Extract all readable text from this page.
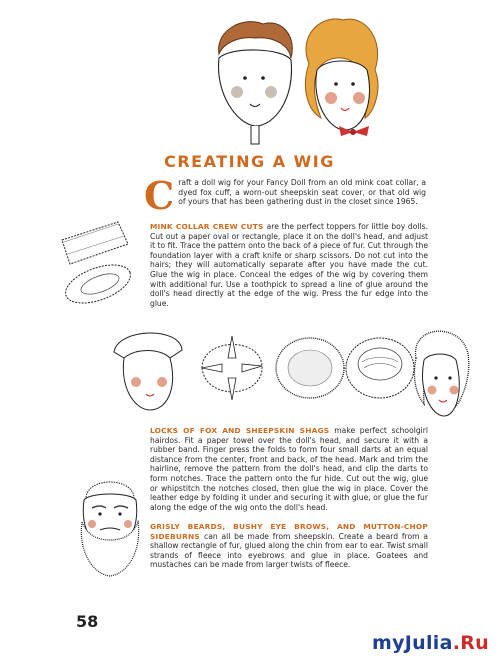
CREATING A WIG

C raft a doll wig for your Fancy Doll from an old mink coat collar, a dyed fox cuff, a worn-out sheepskin seat cover, or that old wig of yours that has been gathering dust in the closet since 1965.

MINK COLLAR CREW CUTS are the perfect toppers for little boy dolls. Cut out a paper oval or rectangle, place it on the doll's head, and adjust it to fit. Trace the pattern onto the back of a piece of fur. Cut through the foundation layer with a craft knife or sharp scissors. Do not cut into the hairs; they will automatically separate after you have made the cut. Glue the wig in place. Conceal the edges of the wig by covering them with additional fur. Use a toothpick to spread a line of glue around the doll's head directly at the edge of the wig. Press the fur edge into the glue.

LOCKS OF FOX AND SHEEPSKIN SHAGS make perfect schoolgirl hairdos. Fit a paper towel over the doll's head, and secure it with a rubber band. Finger press the folds to form four small darts at an equal distance from the center, front and back, of the head. Mark and trim the hairline, remove the pattern from the doll's head, and clip the darts to form notches. Trace the pattern onto the fur hide. Cut out the wig, glue or whipstitch the notches closed, then glue the wig in place. Cover the leather edge by folding it under and securing it with glue, or glue the fur along the edge of the wig onto the doll's head.

GRISLY BEARDS, BUSHY EYE BROWS, AND MUTTON-CHOP SIDEBURNS can all be made from sheepskin. Create a beard from a shallow rectangle of fur, glued along the chin from ear to ear. Twist small strands of fleece into eyebrows and glue in place. Goatees and mustaches can be made from larger twists of fleece.

58
myJulia.Ru
